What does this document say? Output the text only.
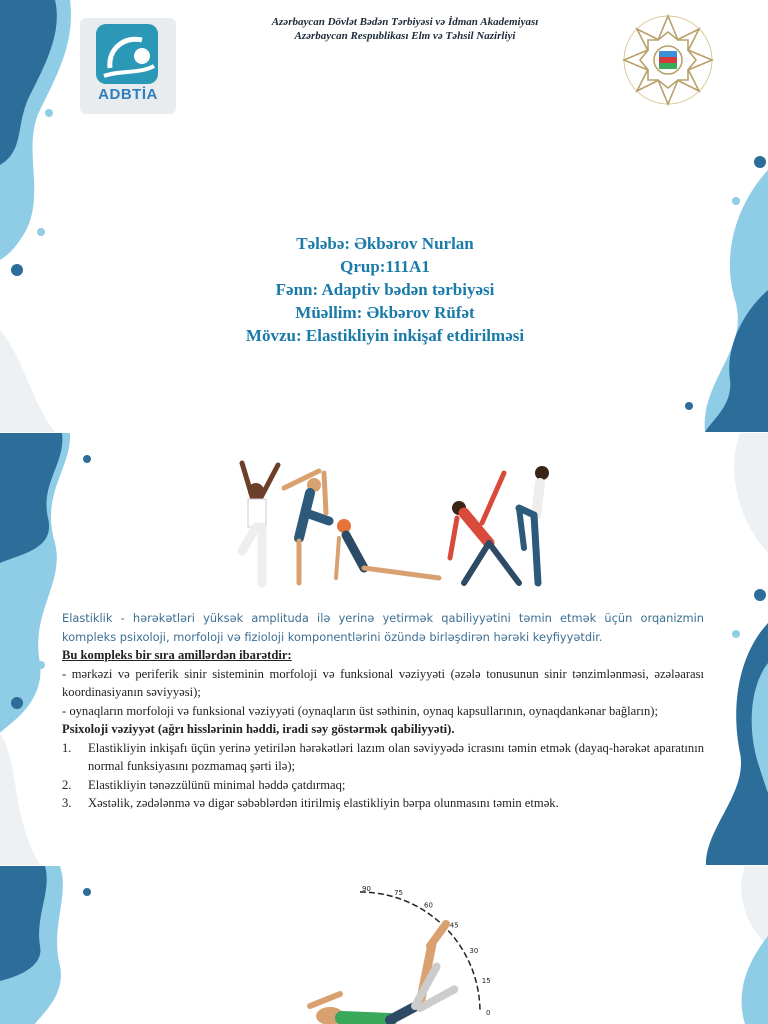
Azərbaycan Dövlət Bədən Tərbiyəsi və İdman Akademiyası
Azərbaycan Respublikası Elm və Təhsil Nazirliyi
ADBTİA
Tələbə: Əkbərov Nurlan
Qrup:111A1
Fənn: Adaptiv bədən tərbiyəsi
Müəllim: Əkbərov Rüfət
Mövzu: Elastikliyin inkişaf etdirilməsi
Elastiklik - hərəkətləri yüksək amplituda ilə yerinə yetirmək qabiliyyətini təmin etmək üçün orqanizmin kompleks psixoloji, morfoloji və fizioloji komponentlərini özündə birləşdirən hərəki keyfiyyətdir.
Bu kompleks bir sıra amillərdən ibarətdir:
- mərkəzi və periferik sinir sisteminin morfoloji və funksional vəziyyəti (əzələ tonusunun sinir tənzimlənməsi, əzələarası koordinasiyanın səviyyəsi);
- oynaqların morfoloji və funksional vəziyyəti (oynaqların üst səthinin, oynaq kapsullarının, oynaqdankənar bağların);
Psixoloji vəziyyət (ağrı hisslərinin həddi, iradi səy göstərmək qabiliyyəti).
1.	Elastikliyin inkişafı üçün yerinə yetirilən hərəkətləri lazım olan səviyyədə icrasını təmin etmək (dayaq-hərəkət aparatının normal funksiyasını pozmamaq şərti ilə);
2.	Elastikliyin tənəzzülünü minimal həddə çatdırmaq;
3.	Xəstəlik, zədələnmə və digər səbəblərdən itirilmiş elastikliyin bərpa olunmasını təmin etmək.
90
75
60
45
30
15
0
